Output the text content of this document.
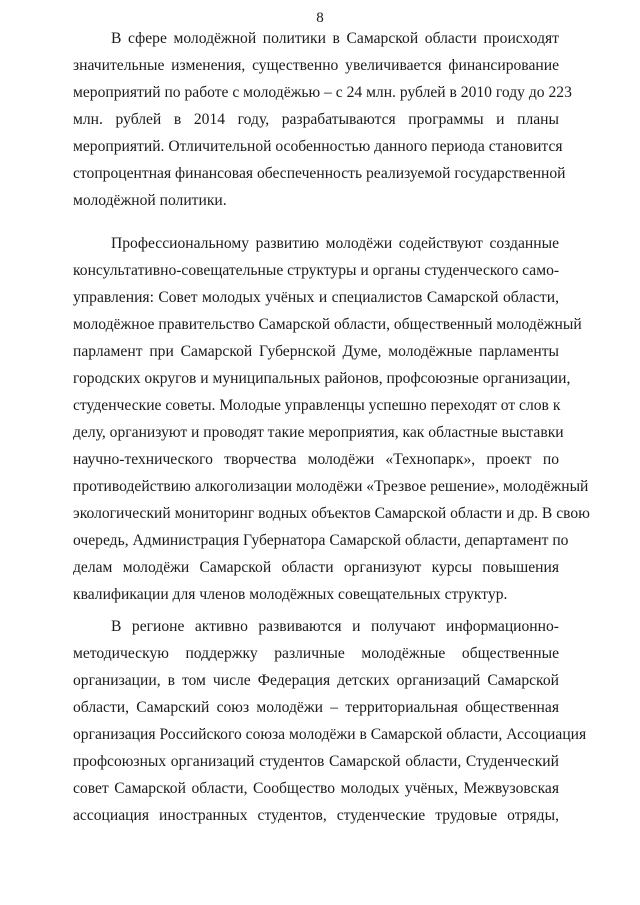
8
В сфере молодёжной политики в Самарской области происходят
значительные изменения, существенно увеличивается финансирование
мероприятий по работе с молодёжью – с 24 млн. рублей в 2010 году до 223
млн. рублей в 2014 году, разрабатываются программы и планы
мероприятий. Отличительной особенностью данного периода становится
стопроцентная финансовая обеспеченность реализуемой государственной
молодёжной политики.
Профессиональному развитию молодёжи содействуют созданные
консультативно-совещательные структуры и органы студенческого само-
управления: Совет молодых учёных и специалистов Самарской области,
молодёжное правительство Самарской области, общественный молодёжный
парламент при Самарской Губернской Думе, молодёжные парламенты
городских округов и муниципальных районов, профсоюзные организации,
студенческие советы. Молодые управленцы успешно переходят от слов к
делу, организуют и проводят такие мероприятия, как областные выставки
научно-технического творчества молодёжи «Технопарк», проект по
противодействию алкоголизации молодёжи «Трезвое решение», молодёжный
экологический мониторинг водных объектов Самарской области и др. В свою
очередь, Администрация Губернатора Самарской области, департамент по
делам молодёжи Самарской области организуют курсы повышения
квалификации для членов молодёжных совещательных структур.
В регионе активно развиваются и получают информационно-
методическую поддержку различные молодёжные общественные
организации, в том числе Федерация детских организаций Самарской
области, Самарский союз молодёжи – территориальная общественная
организация Российского союза молодёжи в Самарской области, Ассоциация
профсоюзных организаций студентов Самарской области, Студенческий
совет Самарской области, Сообщество молодых учёных, Межвузовская
ассоциация иностранных студентов, студенческие трудовые отряды,
